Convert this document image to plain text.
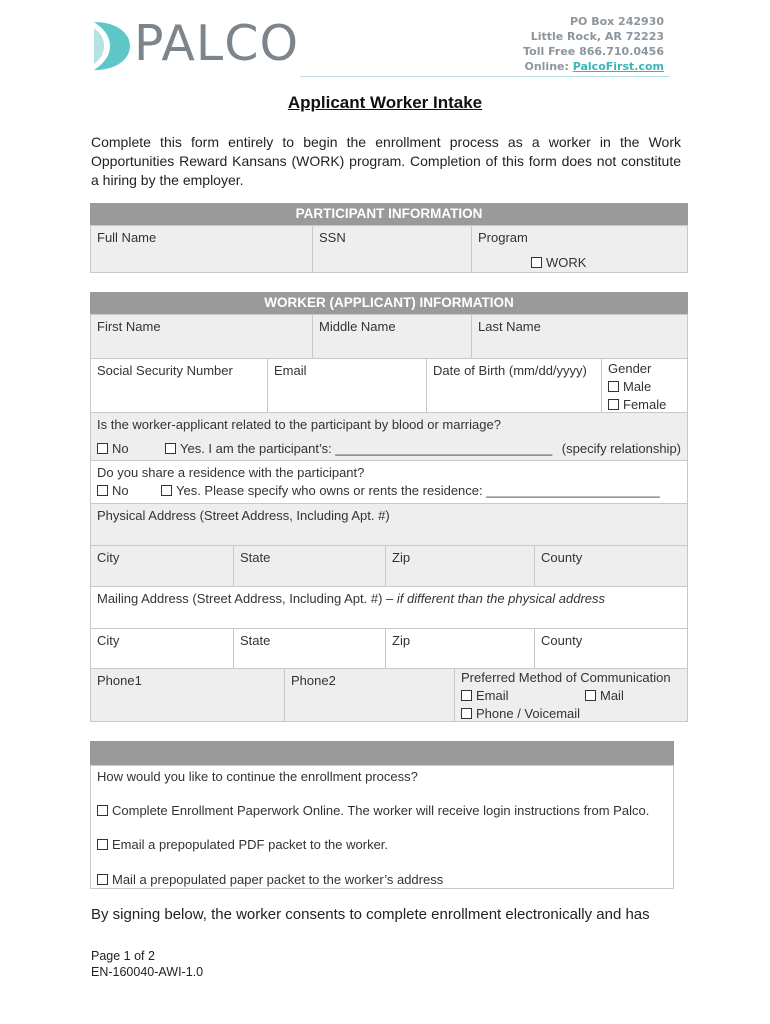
PALCO	PO Box 242930
Little Rock, AR 72223
Toll Free 866.710.0456
Online: PalcoFirst.com
Applicant Worker Intake
Complete this form entirely to begin the enrollment process as a worker in the Work Opportunities Reward Kansans (WORK) program. Completion of this form does not constitute a hiring by the employer.
PARTICIPANT INFORMATION
Full Name	SSN	Program
WORK
WORKER (APPLICANT) INFORMATION
First Name	Middle Name	Last Name
Social Security Number	Email	Date of Birth (mm/dd/yyyy)	Gender
Male
Female
Is the worker-applicant related to the participant by blood or marriage?
No	Yes. I am the participant’s: ______________________________ (specify relationship)
Do you share a residence with the participant?
No	Yes. Please specify who owns or rents the residence: ________________________
Physical Address (Street Address, Including Apt. #)
City	State	Zip	County
Mailing Address (Street Address, Including Apt. #) – if different than the physical address
City	State	Zip	County
Phone1	Phone2	Preferred Method of Communication
Email	Mail
Phone / Voicemail
How would you like to continue the enrollment process?
Complete Enrollment Paperwork Online. The worker will receive login instructions from Palco.
Email a prepopulated PDF packet to the worker.
Mail a prepopulated paper packet to the worker’s address
By signing below, the worker consents to complete enrollment electronically and has
Page 1 of 2
EN-160040-AWI-1.0
